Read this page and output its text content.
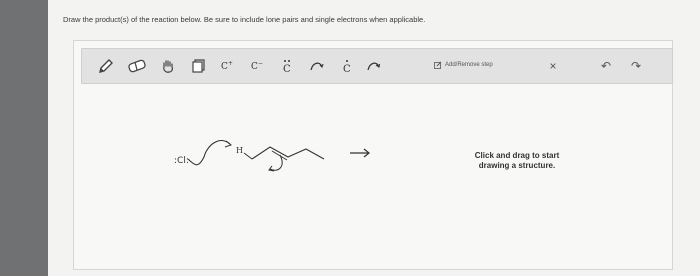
Draw the product(s) of the reaction below. Be sure to include lone pairs and single electrons when applicable.
C+ C−
C	C	Add/Remove step	×	↶	↷
:Cl:
H
Click and drag to start
drawing a structure.
